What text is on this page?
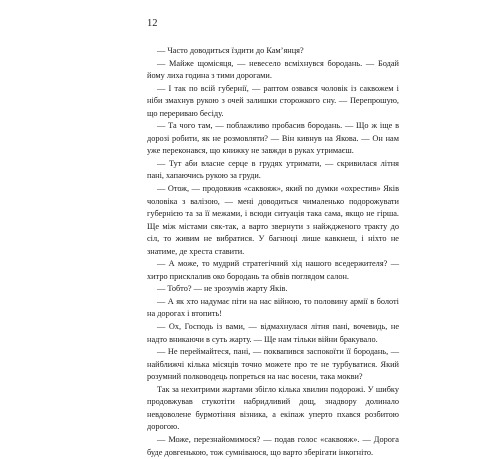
12

— Часто доводиться їздити до Кам’янця?

— Майже щомісяця, — невесело всміхнувся бородань. — Бодай йому лиха година з тими дорогами.

— І так по всій губернії, — раптом озвався чоловік із саквожем і ніби змахнув рукою з очей залишки сторожкого сну. — Перепрошую, що перериваю бесіду.

— Та чого там, — поблажливо пробасив бородань. — Що ж іще в дорозі робити, як не розмовляти? — Він кивнув на Якова. — Он нам уже переконався, що книжку не завжди в руках утримаєш.

— Тут аби власне серце в грудях утримати, — скривилася літня пані, хапаючись рукою за груди.

— Отож, — продовжив «саквояж», який по думки «охрестив» Яків чоловіка з валізою, — мені доводиться чималенько подорожувати губернією та за її межами, і всюди ситуація така сама, якщо не гірша. Ще між містами сяк-так, а варто звернути з найждженого тракту до сіл, то живим не вибратися. У багнюці лише кавкнеш, і ніхто не знатиме, де хреста ставити.

— А може, то мудрий стратегічний хід нашого вседержителя? — хитро присклалив око бородань та обвів поглядом салон.

— Тобто? — не зрозумів жарту Яків.

— А як хто надумає піти на нас війною, то половину армії в болоті на дорогах і втопить!

— Ох, Господь із вами, — відмахнулася літня пані, вочевидь, не надто вникаючи в суть жарту. — Ще нам тільки війни бракувало.

— Не переймайтеся, пані, — поквапився заспокоїти її бородань, — найближчі кілька місяців точно можете про те не турбуватися. Який розумний полководець попреться на нас восени, така мокви?

Так за нехитрими жартами збігло кілька хвилин подорожі. У шибку продовжував стукотіти набридливий дощ, знадвору долинало невдоволене бурмотіння візника, а екіпаж уперто пхався розбитою дорогою.

— Може, перезнайомимося? — подав голос «саквояж». — Дорога буде довгенькою, тож сумніваюся, що варто зберігати інкогніто.
